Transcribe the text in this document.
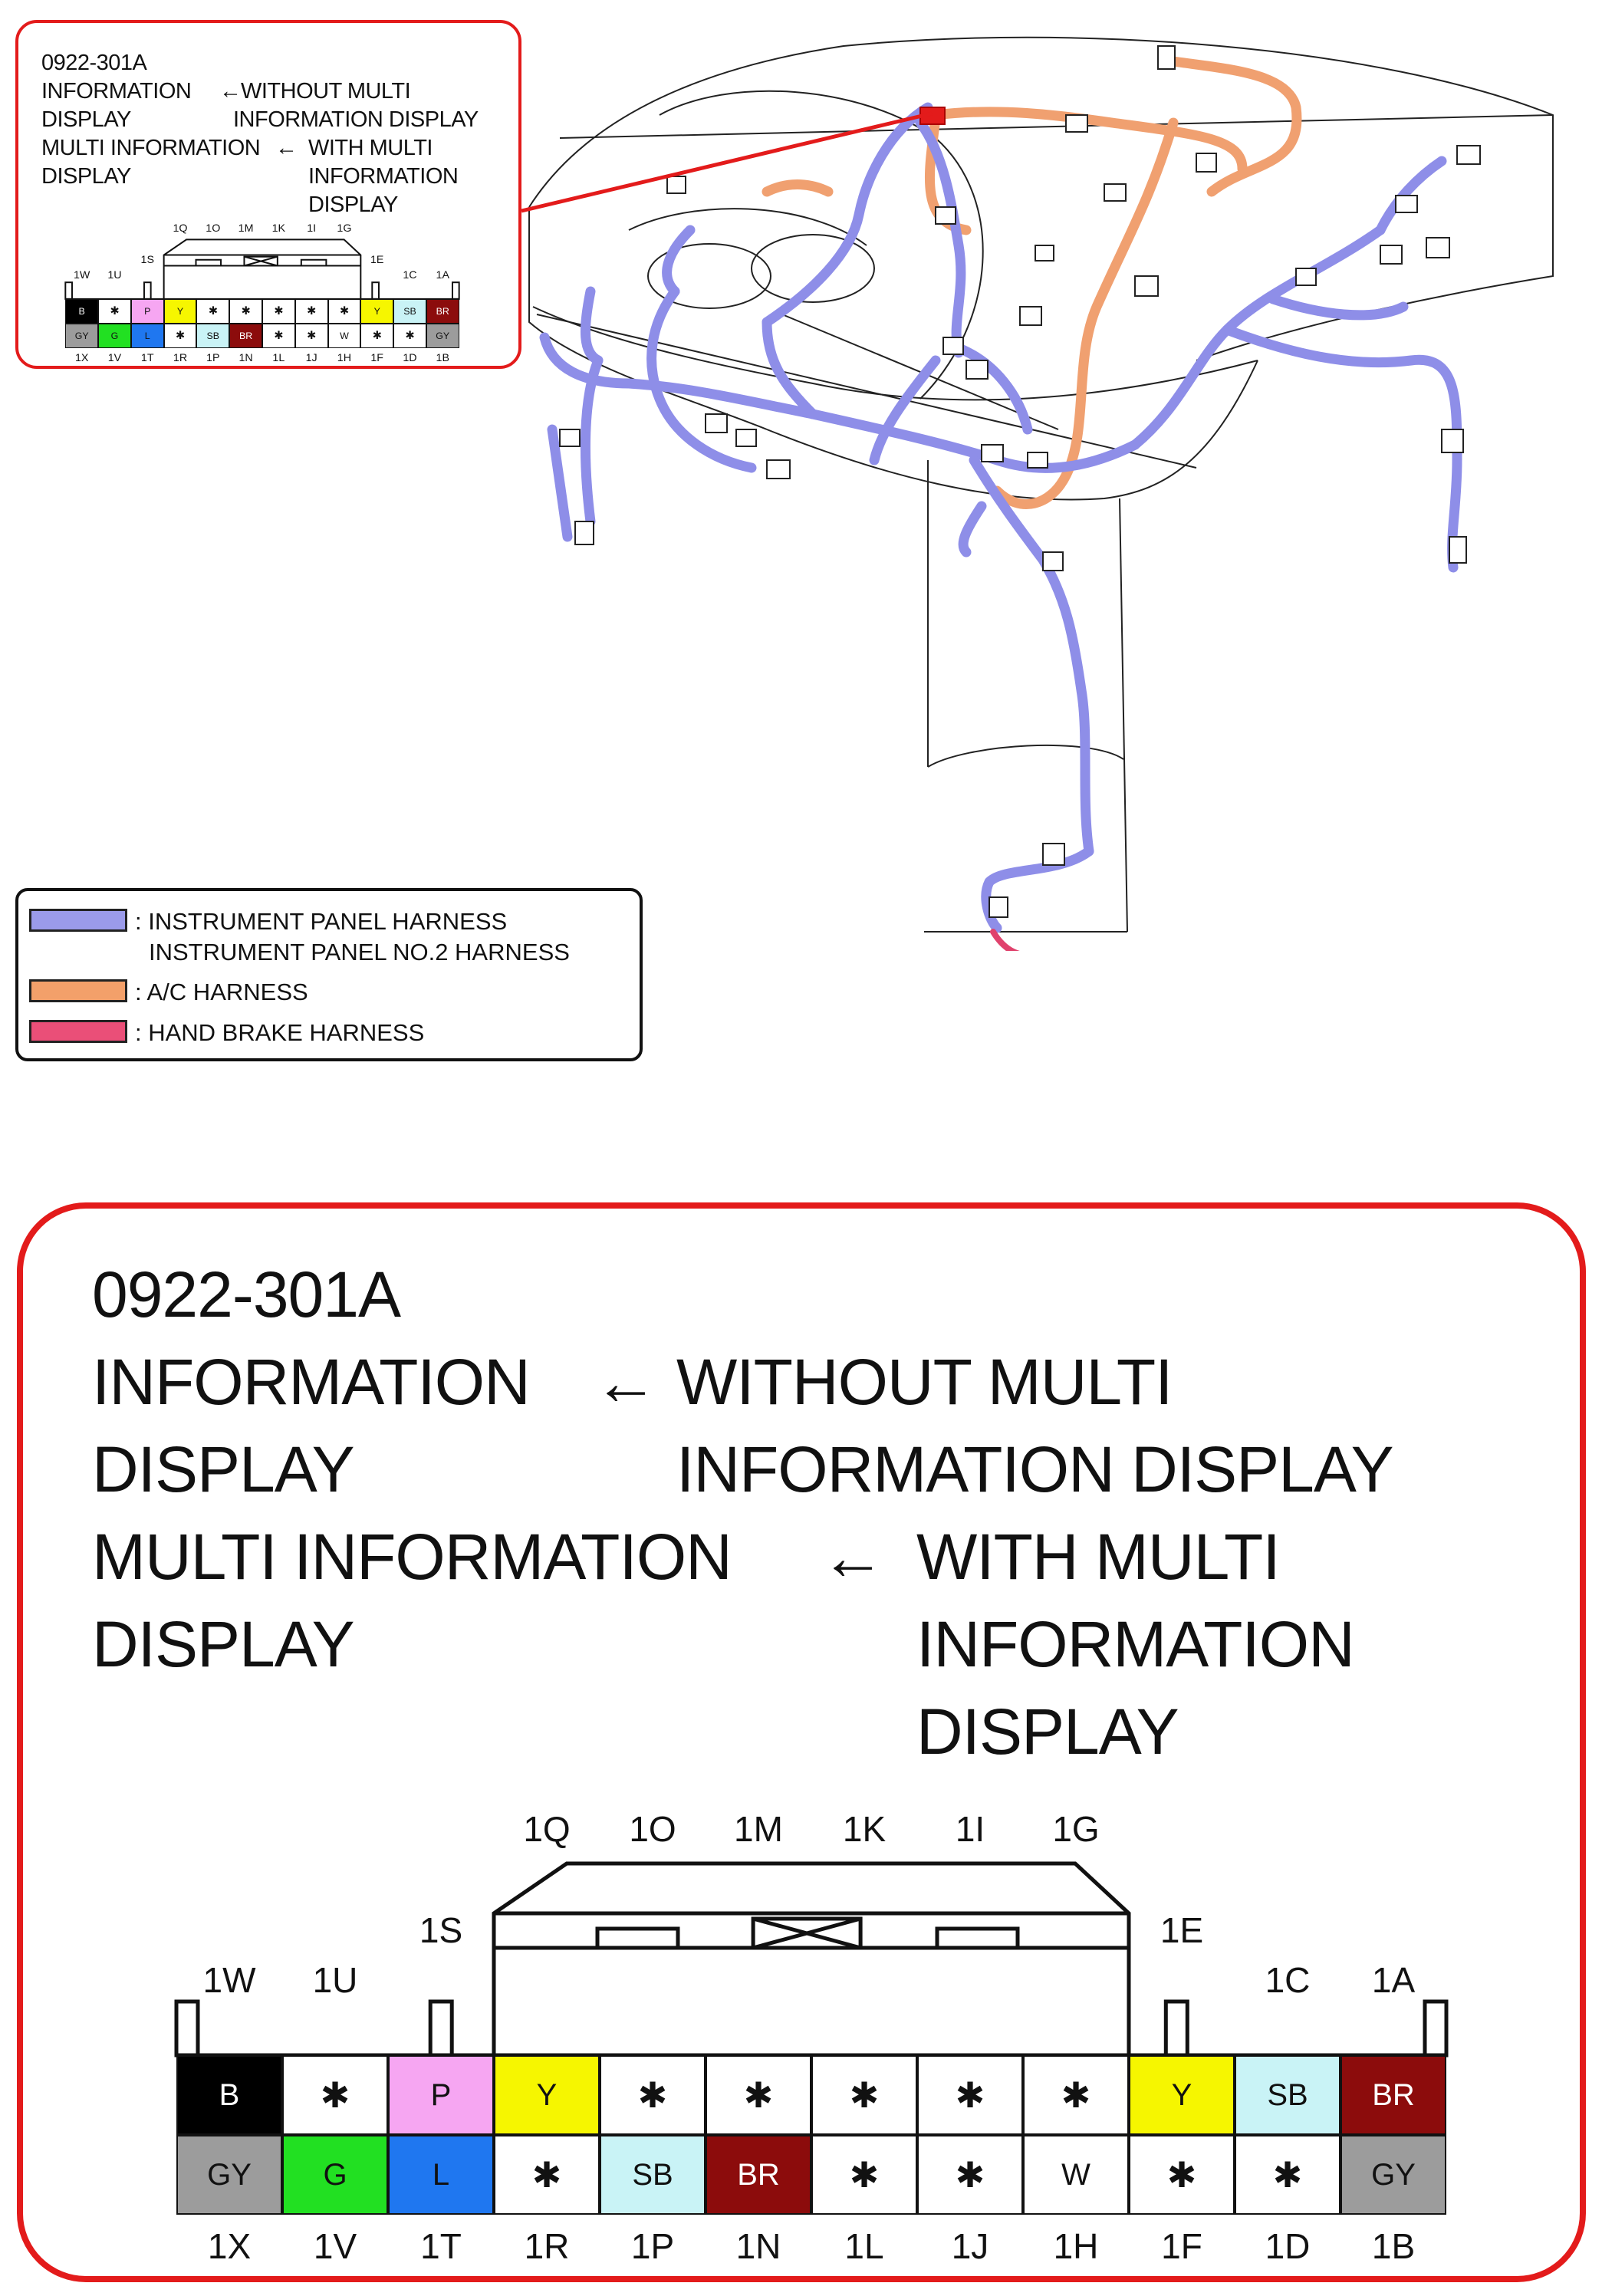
0922-301A
INFORMATION ← WITHOUT MULTI
DISPLAY	INFORMATION DISPLAY
MULTI INFORMATION ← WITH MULTI
DISPLAY	INFORMATION
DISPLAY
B	✱	P	Y	✱	✱	✱	✱	✱	Y	SB	BR
GY	G	L	✱	SB	BR	✱	✱	W	✱	✱	GY
1X	1V	1T	1R	1P	1N	1L	1J	1H	1F	1D	1B
1Q	1O	1M	1K	1I	1G
1W	1U
1S	1E
1C	1A
: INSTRUMENT PANEL HARNESS
INSTRUMENT PANEL NO.2 HARNESS
: A/C HARNESS
: HAND BRAKE HARNESS
0922-301A
INFORMATION ← WITHOUT MULTI
DISPLAY	INFORMATION DISPLAY
MULTI INFORMATION ← WITH MULTI
DISPLAY	INFORMATION
DISPLAY
B	✱	P	Y	✱	✱	✱	✱	✱	Y	SB	BR
GY	G	L	✱	SB	BR	✱	✱	W	✱	✱	GY
1X	1V	1T	1R	1P	1N	1L	1J	1H	1F	1D	1B
1Q	1O	1M	1K	1I	1G
1W	1U
1S	1E
1C	1A
